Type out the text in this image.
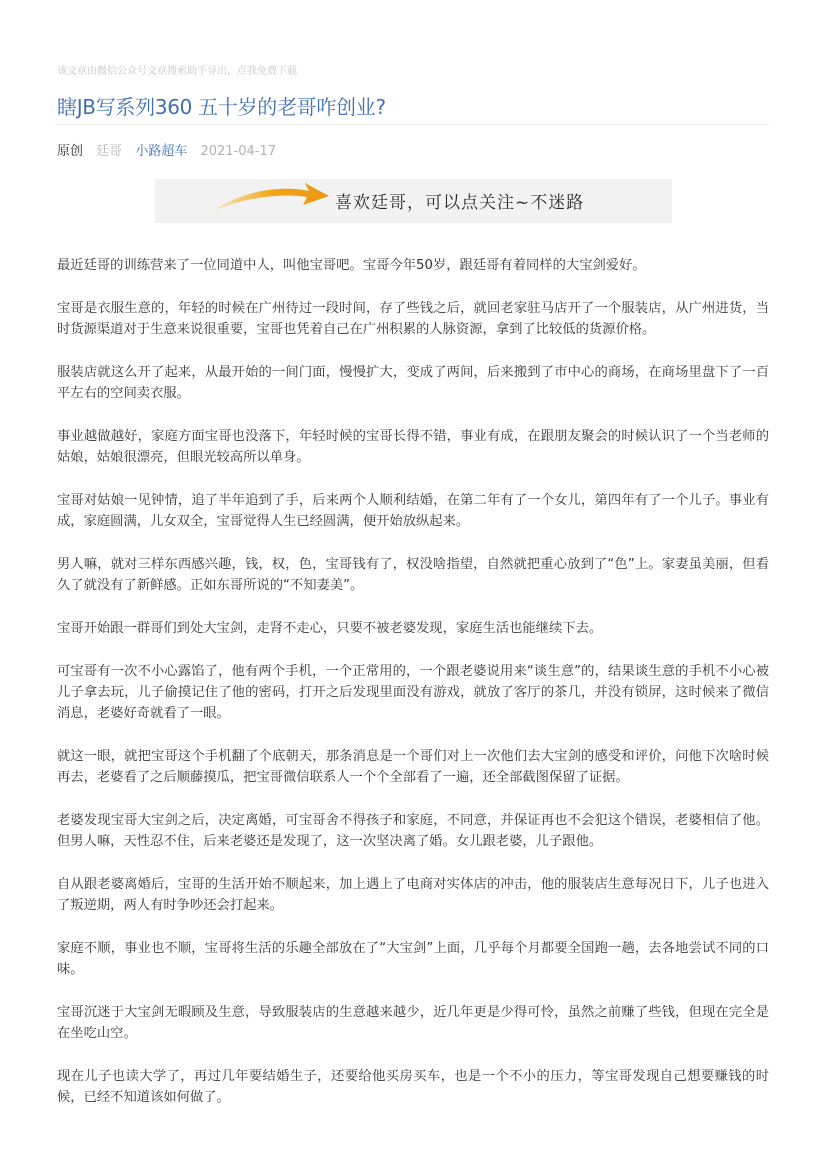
该文章由微信公众号文章搜索助手导出，点我免费下载
瞎JB写系列360 五十岁的老哥咋创业?
原创 廷哥 小路超车 2021-04-17
喜欢廷哥，可以点关注~不迷路

最近廷哥的训练营来了一位同道中人，叫他宝哥吧。宝哥今年50岁，跟廷哥有着同样的大宝剑爱好。

宝哥是衣服生意的，年轻的时候在广州待过一段时间，存了些钱之后，就回老家驻马店开了一个服装店，从广州进货，当时货源渠道对于生意来说很重要，宝哥也凭着自己在广州积累的人脉资源，拿到了比较低的货源价格。

服装店就这么开了起来，从最开始的一间门面，慢慢扩大，变成了两间，后来搬到了市中心的商场，在商场里盘下了一百平左右的空间卖衣服。

事业越做越好，家庭方面宝哥也没落下，年轻时候的宝哥长得不错，事业有成，在跟朋友聚会的时候认识了一个当老师的姑娘，姑娘很漂亮，但眼光较高所以单身。

宝哥对姑娘一见钟情，追了半年追到了手，后来两个人顺利结婚，在第二年有了一个女儿，第四年有了一个儿子。事业有成，家庭圆满，儿女双全，宝哥觉得人生已经圆满，便开始放纵起来。

男人嘛，就对三样东西感兴趣，钱，权，色，宝哥钱有了，权没啥指望，自然就把重心放到了“色”上。家妻虽美丽，但看久了就没有了新鲜感。正如东哥所说的“不知妻美”。

宝哥开始跟一群哥们到处大宝剑，走肾不走心，只要不被老婆发现，家庭生活也能继续下去。

可宝哥有一次不小心露馅了，他有两个手机，一个正常用的，一个跟老婆说用来“谈生意”的，结果谈生意的手机不小心被儿子拿去玩，儿子偷摸记住了他的密码，打开之后发现里面没有游戏，就放了客厅的茶几，并没有锁屏，这时候来了微信消息，老婆好奇就看了一眼。

就这一眼，就把宝哥这个手机翻了个底朝天，那条消息是一个哥们对上一次他们去大宝剑的感受和评价，问他下次啥时候再去，老婆看了之后顺藤摸瓜，把宝哥微信联系人一个个全部看了一遍，还全部截图保留了证据。

老婆发现宝哥大宝剑之后，决定离婚，可宝哥舍不得孩子和家庭，不同意，并保证再也不会犯这个错误，老婆相信了他。但男人嘛，天性忍不住，后来老婆还是发现了，这一次坚决离了婚。女儿跟老婆，儿子跟他。

自从跟老婆离婚后，宝哥的生活开始不顺起来，加上遇上了电商对实体店的冲击，他的服装店生意每况日下，儿子也进入了叛逆期，两人有时争吵还会打起来。

家庭不顺，事业也不顺，宝哥将生活的乐趣全部放在了“大宝剑”上面，几乎每个月都要全国跑一趟，去各地尝试不同的口味。

宝哥沉迷于大宝剑无暇顾及生意，导致服装店的生意越来越少，近几年更是少得可怜，虽然之前赚了些钱，但现在完全是在坐吃山空。

现在儿子也读大学了，再过几年要结婚生子，还要给他买房买车，也是一个不小的压力，等宝哥发现自己想要赚钱的时候，已经不知道该如何做了。
